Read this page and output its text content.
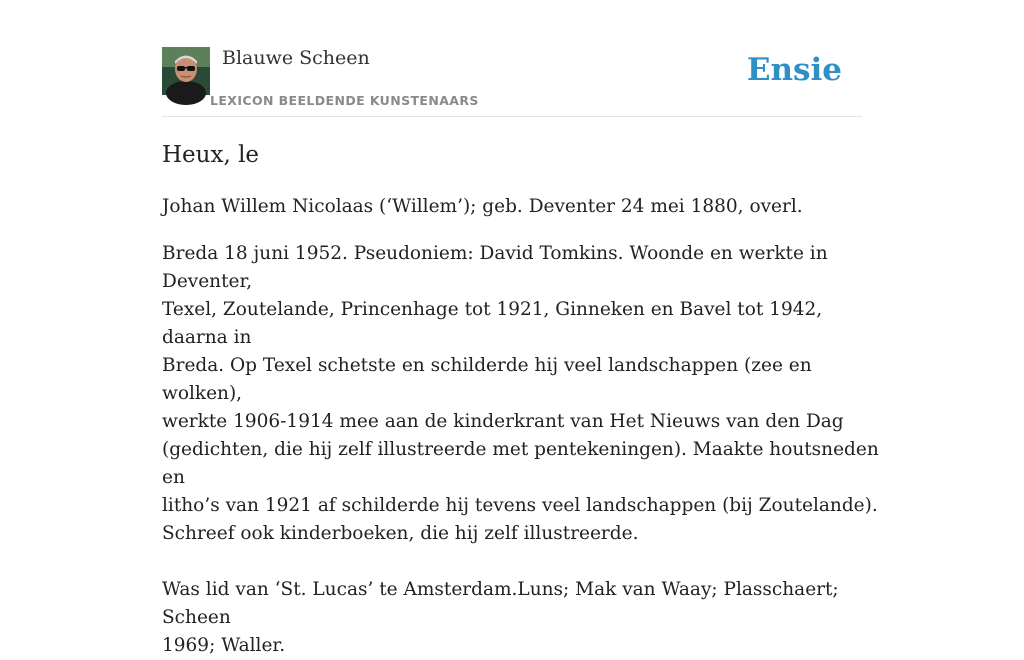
Blauwe Scheen
LEXICON BEELDENDE KUNSTENAARS
Ensie
Heux, le

Johan Willem Nicolaas (‘Willem’); geb. Deventer 24 mei 1880, overl.

Breda 18 juni 1952. Pseudoniem: David Tomkins. Woonde en werkte in Deventer,
Texel, Zoutelande, Princenhage tot 1921, Ginneken en Bavel tot 1942, daarna in
Breda. Op Texel schetste en schilderde hij veel landschappen (zee en wolken),
werkte 1906-1914 mee aan de kinderkrant van Het Nieuws van den Dag
(gedichten, die hij zelf illustreerde met pentekeningen). Maakte houtsneden en
litho’s van 1921 af schilderde hij tevens veel landschappen (bij Zoutelande).
Schreef ook kinderboeken, die hij zelf illustreerde.

Was lid van ‘St. Lucas’ te Amsterdam.Luns; Mak van Waay; Plasschaert; Scheen
1969; Waller.
